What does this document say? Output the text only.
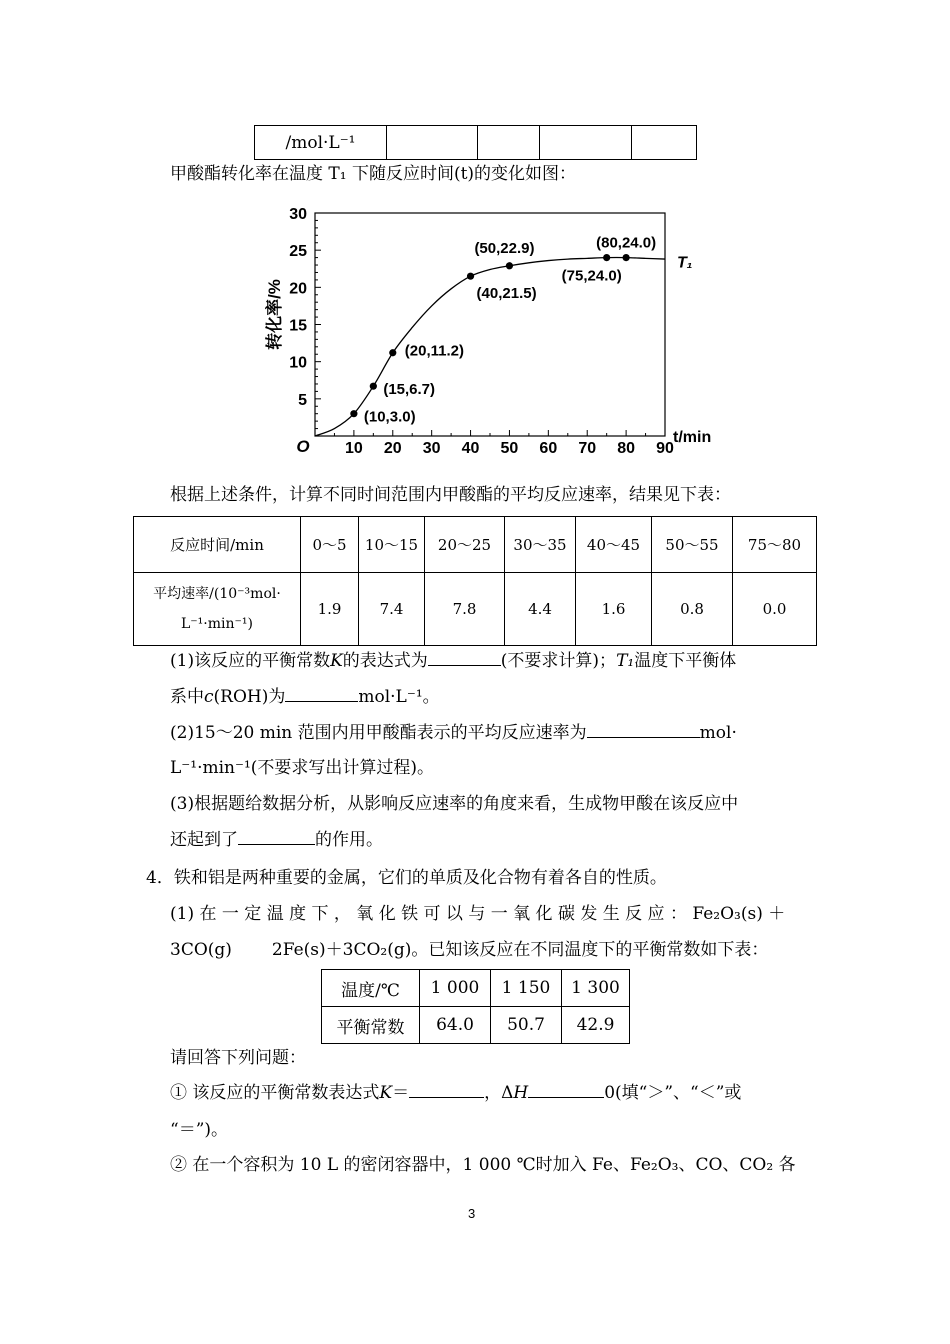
/mol·L⁻¹				
甲酸酯转化率在温度 T₁ 下随反应时间(t)的变化如图：
5
10
15
20
25
30
10 20 30 40 50 60 70 80 90
O	t/min
转化率/%
T₁
(10,3.0)
(15,6.7)
(20,11.2)
(40,21.5)
(50,22.9)
(75,24.0)
(80,24.0)
根据上述条件，计算不同时间范围内甲酸酯的平均反应速率，结果见下表：
反应时间/min	0～5	10～15	20～25	30～35	40～45	50～55	75～80

平均速率/(10⁻³mol·
L⁻¹·min⁻¹)	1.9	7.4	7.8	4.4	1.6	0.8	0.0
(1)该反应的平衡常数K的表达式为	(不要求计算)；T₁温度下平衡体
系中c(ROH)为	mol·L⁻¹。
(2)15～20 min 范围内用甲酸酯表示的平均反应速率为	mol·
L⁻¹·min⁻¹(不要求写出计算过程)。
(3)根据题给数据分析，从影响反应速率的角度来看，生成物甲酸在该反应中
还起到了	的作用。
4．铁和铝是两种重要的金属，它们的单质及化合物有着各自的性质。
(1) 在 一 定 温 度 下 ， 氧 化 铁 可 以 与 一 氧 化 碳 发 生 反 应 ： Fe₂O₃(s) ＋
3CO(g) 2Fe(s)＋3CO₂(g)。已知该反应在不同温度下的平衡常数如下表：
温度/℃	1 000	1 150	1 300
平衡常数	64.0	50.7	42.9
请回答下列问题：
① 该反应的平衡常数表达式K＝	，ΔH	0(填“＞”、“＜”或
“＝”)。
② 在一个容积为 10 L 的密闭容器中，1 000 ℃时加入 Fe、Fe₂O₃、CO、CO₂ 各
3
